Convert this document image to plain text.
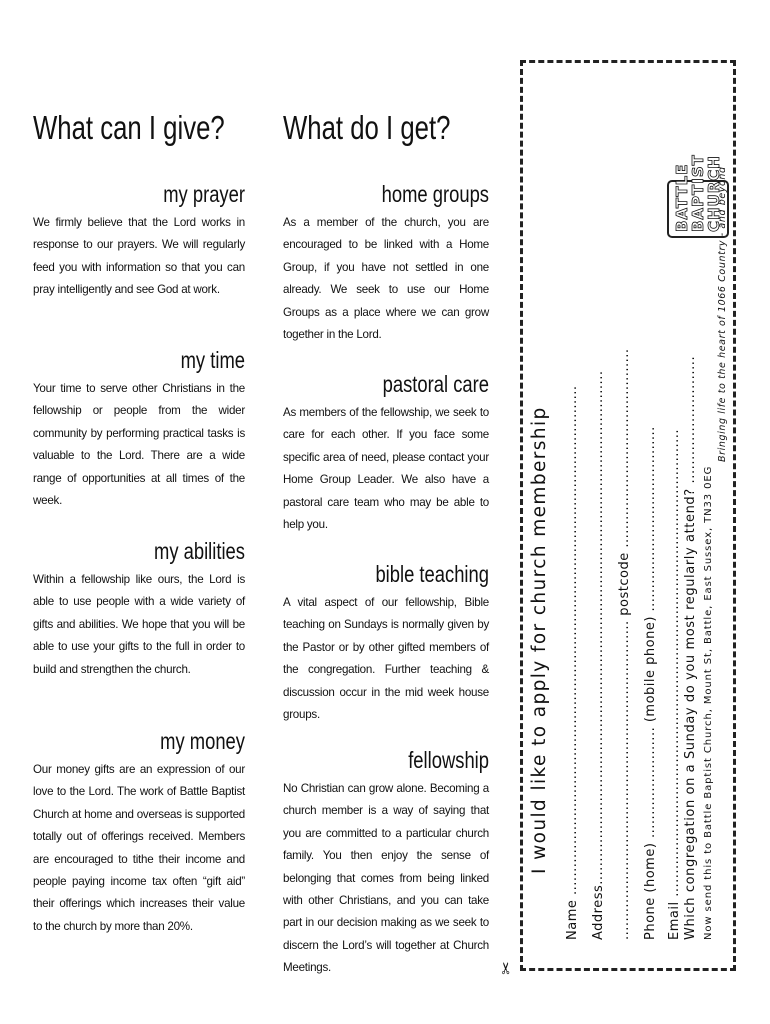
What can I give?

my prayer

We firmly believe that the Lord works in response to our prayers. We will regularly feed you with information so that you can pray intelligently and see God at work.

my time

Your time to serve other Christians in the fellowship or people from the wider community by performing practical tasks is valuable to the Lord. There are a wide range of opportunities at all times of the week.

my abilities

Within a fellowship like ours, the Lord is able to use people with a wide variety of gifts and abilities. We hope that you will be able to use your gifts to the full in order to build and strengthen the church.

my money

Our money gifts are an expression of our love to the Lord. The work of Battle Baptist Church at home and overseas is supported totally out of offerings received. Members are encouraged to tithe their income and people paying income tax often “gift aid” their offerings which increases their value to the church by more than 20%.

What do I get?

home groups

As a member of the church, you are encouraged to be linked with a Home Group, if you have not settled in one already. We seek to use our Home Groups as a place where we can grow together in the Lord.

pastoral care

As members of the fellowship, we seek to care for each other. If you face some specific area of need, please contact your Home Group Leader. We also have a pastoral care team who may be able to help you.

bible teaching

A vital aspect of our fellowship, Bible teaching on Sundays is normally given by the Pastor or by other gifted members of the congregation. Further teaching & discussion occur in the mid week house groups.

fellowship

No Christian can grow alone. Becoming a church member is a way of saying that you are committed to a particular church family. You then enjoy the sense of belonging that comes from being linked with other Christians, and you can take part in our decision making as we seek to discern the Lord’s will together at Church Meetings.

I would like to apply for church membership Name .............................................................................................................. Address............................................................................................................... ..................................................................... postcode ........................................... Phone (home) ........................ (mobile phone) ........................................ Email ..................................................................................................... Which congregation on a Sunday do you most regularly attend? ........................... Now send this to Battle Baptist Church, Mount St, Battle, East Sussex, TN33 0EG
Bringing life to the heart of 1066 Country - and beyond
BATTLE
BAPTIST
CHURCH
✂
